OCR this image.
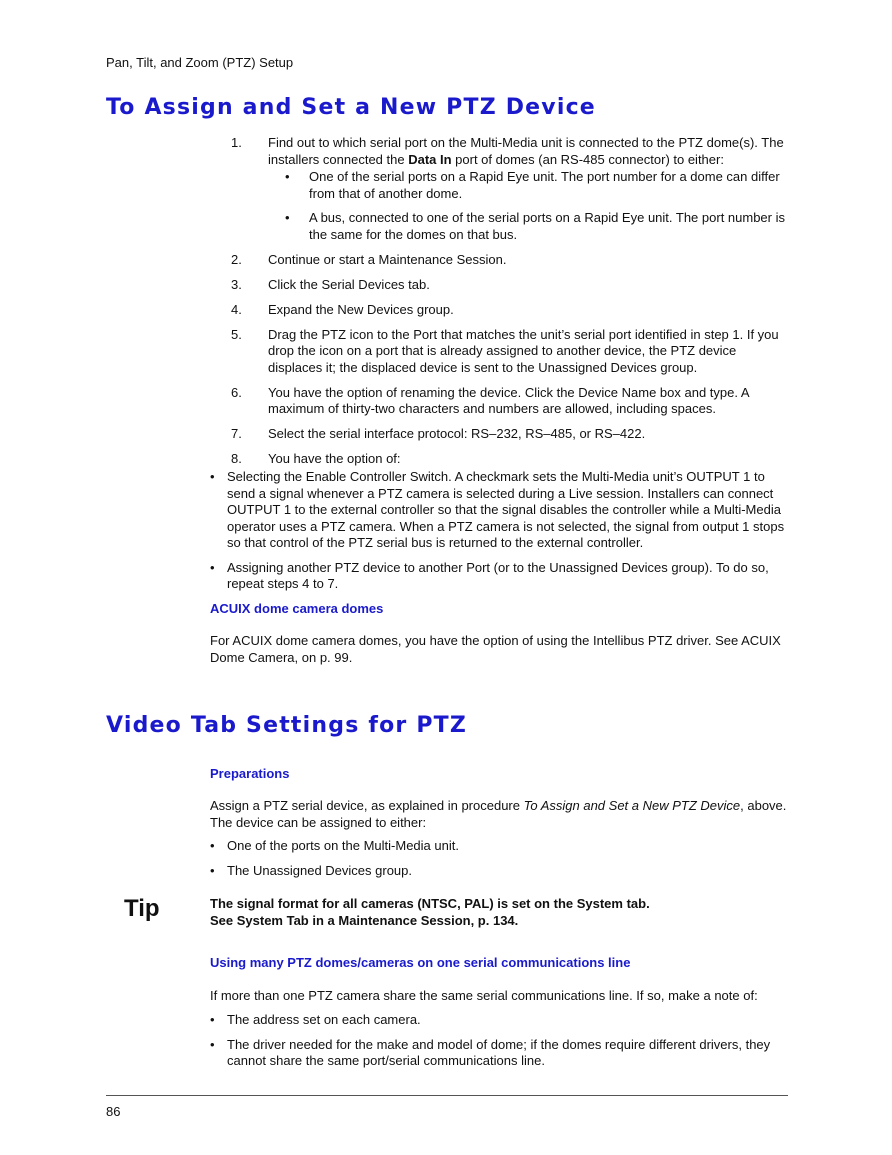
Pan, Tilt, and Zoom (PTZ) Setup
To Assign and Set a New PTZ Device
1.	Find out to which serial port on the Multi-Media unit is connected to the PTZ dome(s). The installers connected the Data In port of domes (an RS-485 connector) to either:
• One of the serial ports on a Rapid Eye unit. The port number for a dome can differ from that of another dome.
• A bus, connected to one of the serial ports on a Rapid Eye unit. The port number is the same for the domes on that bus.
2.	Continue or start a Maintenance Session.
3.	Click the Serial Devices tab.
4.	Expand the New Devices group.
5.	Drag the PTZ icon to the Port that matches the unit’s serial port identified in step 1. If you drop the icon on a port that is already assigned to another device, the PTZ device displaces it; the displaced device is sent to the Unassigned Devices group.
6.	You have the option of renaming the device. Click the Device Name box and type. A maximum of thirty-two characters and numbers are allowed, including spaces.
7.	Select the serial interface protocol: RS–232, RS–485, or RS–422.
8.	You have the option of:
• Selecting the Enable Controller Switch. A checkmark sets the Multi-Media unit’s OUTPUT 1 to send a signal whenever a PTZ camera is selected during a Live session. Installers can connect OUTPUT 1 to the external controller so that the signal disables the controller while a Multi-Media operator uses a PTZ camera. When a PTZ camera is not selected, the signal from output 1 stops so that control of the PTZ serial bus is returned to the external controller.
• Assigning another PTZ device to another Port (or to the Unassigned Devices group). To do so, repeat steps 4 to 7.
ACUIX dome camera domes
For ACUIX dome camera domes, you have the option of using the Intellibus PTZ driver. See ACUIX Dome Camera, on p. 99.
Video Tab Settings for PTZ
Preparations
Assign a PTZ serial device, as explained in procedure To Assign and Set a New PTZ Device, above. The device can be assigned to either:
• One of the ports on the Multi-Media unit.
• The Unassigned Devices group.
Tip	The signal format for all cameras (NTSC, PAL) is set on the System tab.
See System Tab in a Maintenance Session, p. 134.
Using many PTZ domes/cameras on one serial communications line
If more than one PTZ camera share the same serial communications line. If so, make a note of:
• The address set on each camera.
• The driver needed for the make and model of dome; if the domes require different drivers, they cannot share the same port/serial communications line.
86
